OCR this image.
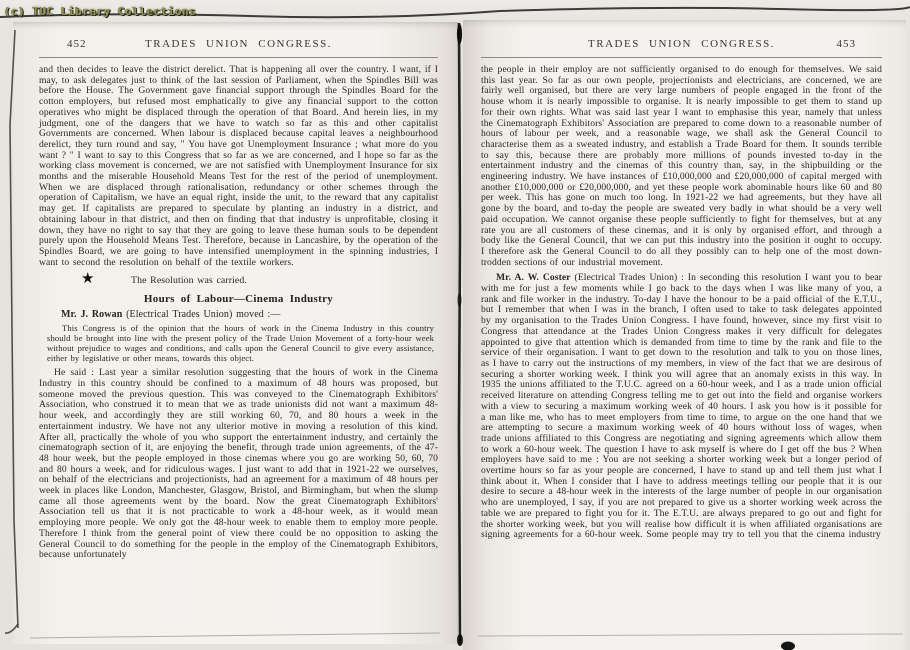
(c) TUC Library Collections
452	TRADES UNION CONGRESS.

and then decides to leave the district derelict. That is happening all over the country. I want, if I may, to ask delegates just to think of the last session of Parliament, when the Spindles Bill was before the House. The Government gave financial support through the Spindles Board for the cotton employers, but refused most emphatically to give any financial support to the cotton operatives who might be displaced through the operation of that Board. And herein lies, in my judgment, one of the dangers that we have to watch so far as this and other capitalist Governments are concerned. When labour is displaced because capital leaves a neighbourhood derelict, they turn round and say, " You have got Unemployment Insurance ; what more do you want ? " I want to say to this Congress that so far as we are concerned, and I hope so far as the working class movement is concerned, we are not satisfied with Unemployment Insurance for six months and the miserable Household Means Test for the rest of the period of unemployment. When we are displaced through rationalisation, redundancy or other schemes through the operation of Capitalism, we have an equal right, inside the unit, to the reward that any capitalist may get. If capitalists are prepared to speculate by planting an industry in a district, and obtaining labour in that district, and then on finding that that industry is unprofitable, closing it down, they have no right to say that they are going to leave these human souls to be dependent purely upon the Household Means Test. Therefore, because in Lancashire, by the operation of the Spindles Board, we are going to have intensified unemployment in the spinning industries, I want to second the resolution on behalf of the textile workers.

★	The Resolution was carried.

Hours of Labour—Cinema Industry

Mr. J. Rowan (Electrical Trades Union) moved :—

This Congress is of the opinion that the hours of work in the Cinema Industry in this country should be brought into line with the present policy of the Trade Union Movement of a forty-hour week without prejudice to wages and conditions, and calls upon the General Council to give every assistance, either by legislative or other means, towards this object.

He said : Last year a similar resolution suggesting that the hours of work in the Cinema Industry in this country should be confined to a maximum of 48 hours was proposed, but someone moved the previous question. This was conveyed to the Cinematograph Exhibitors' Association, who construed it to mean that we as trade unionists did not want a maximum 48-hour week, and accordingly they are still working 60, 70, and 80 hours a week in the entertainment industry. We have not any ulterior motive in moving a resolution of this kind. After all, practically the whole of you who support the entertainment industry, and certainly the cinematograph section of it, are enjoying the benefit, through trade union agreements, of the 47-48 hour week, but the people employed in those cinemas where you go are working 50, 60, 70 and 80 hours a week, and for ridiculous wages. I just want to add that in 1921-22 we ourselves, on behalf of the electricians and projectionists, had an agreement for a maximum of 48 hours per week in places like London, Manchester, Glasgow, Bristol, and Birmingham, but when the slump came all those agreements went by the board. Now the great Cinematograph Exhibitors' Association tell us that it is not practicable to work a 48-hour week, as it would mean employing more people. We only got the 48-hour week to enable them to employ more people. Therefore I think from the general point of view there could be no opposition to asking the General Council to do something for the people in the employ of the Cinematograph Exhibitors, because unfortunately

TRADES UNION CONGRESS.	453

the people in their employ are not sufficiently organised to do enough for themselves. We said this last year. So far as our own people, projectionists and electricians, are concerned, we are fairly well organised, but there are very large numbers of people engaged in the front of the house whom it is nearly impossible to organise. It is nearly impossible to get them to stand up for their own rights. What was said last year I want to emphasise this year, namely that unless the Cinematograph Exhibitors' Association are prepared to come down to a reasonable number of hours of labour per week, and a reasonable wage, we shall ask the General Council to characterise them as a sweated industry, and establish a Trade Board for them. It sounds terrible to say this, because there are probably more millions of pounds invested to-day in the entertainment industry and the cinemas of this country than, say, in the shipbuilding or the engineering industry. We have instances of £10,000,000 and £20,000,000 of capital merged with another £10,000,000 or £20,000,000, and yet these people work abominable hours like 60 and 80 per week. This has gone on much too long. In 1921-22 we had agreements, but they have all gone by the board, and to-day the people are sweated very badly in what should be a very well paid occupation. We cannot organise these people sufficiently to fight for themselves, but at any rate you are all customers of these cinemas, and it is only by organised effort, and through a body like the General Council, that we can put this industry into the position it ought to occupy. I therefore ask the General Council to do all they possibly can to help one of the most down-trodden sections of our industrial movement.

Mr. A. W. Coster (Electrical Trades Union) : In seconding this resolution I want you to bear with me for just a few moments while I go back to the days when I was like many of you, a rank and file worker in the industry. To-day I have the honour to be a paid official of the E.T.U., but I remember that when I was in the branch, I often used to take to task delegates appointed by my organisation to the Trades Union Congress. I have found, however, since my first visit to Congress that attendance at the Trades Union Congress makes it very difficult for delegates appointed to give that attention which is demanded from time to time by the rank and file to the service of their organisation. I want to get down to the resolution and talk to you on those lines, as I have to carry out the instructions of my members, in view of the fact that we are desirous of securing a shorter working week. I think you will agree that an anomaly exists in this way. In 1935 the unions affiliated to the T.U.C. agreed on a 60-hour week, and I as a trade union official received literature on attending Congress telling me to get out into the field and organise workers with a view to securing a maximum working week of 40 hours. I ask you how is it possible for a man like me, who has to meet employers from time to time, to argue on the one hand that we are attempting to secure a maximum working week of 40 hours without loss of wages, when trade unions affiliated to this Congress are negotiating and signing agreements which allow them to work a 60-hour week. The question I have to ask myself is where do I get off the bus ? When employers have said to me : You are not seeking a shorter working week but a longer period of overtime hours so far as your people are concerned, I have to stand up and tell them just what I think about it. When I consider that I have to address meetings telling our people that it is our desire to secure a 48-hour week in the interests of the large number of people in our organisation who are unemployed, I say, if you are not prepared to give us a shorter working week across the table we are prepared to fight you for it. The E.T.U. are always prepared to go out and fight for the shorter working week, but you will realise how difficult it is when affiliated organisations are signing agreements for a 60-hour week. Some people may try to tell you that the cinema industry
